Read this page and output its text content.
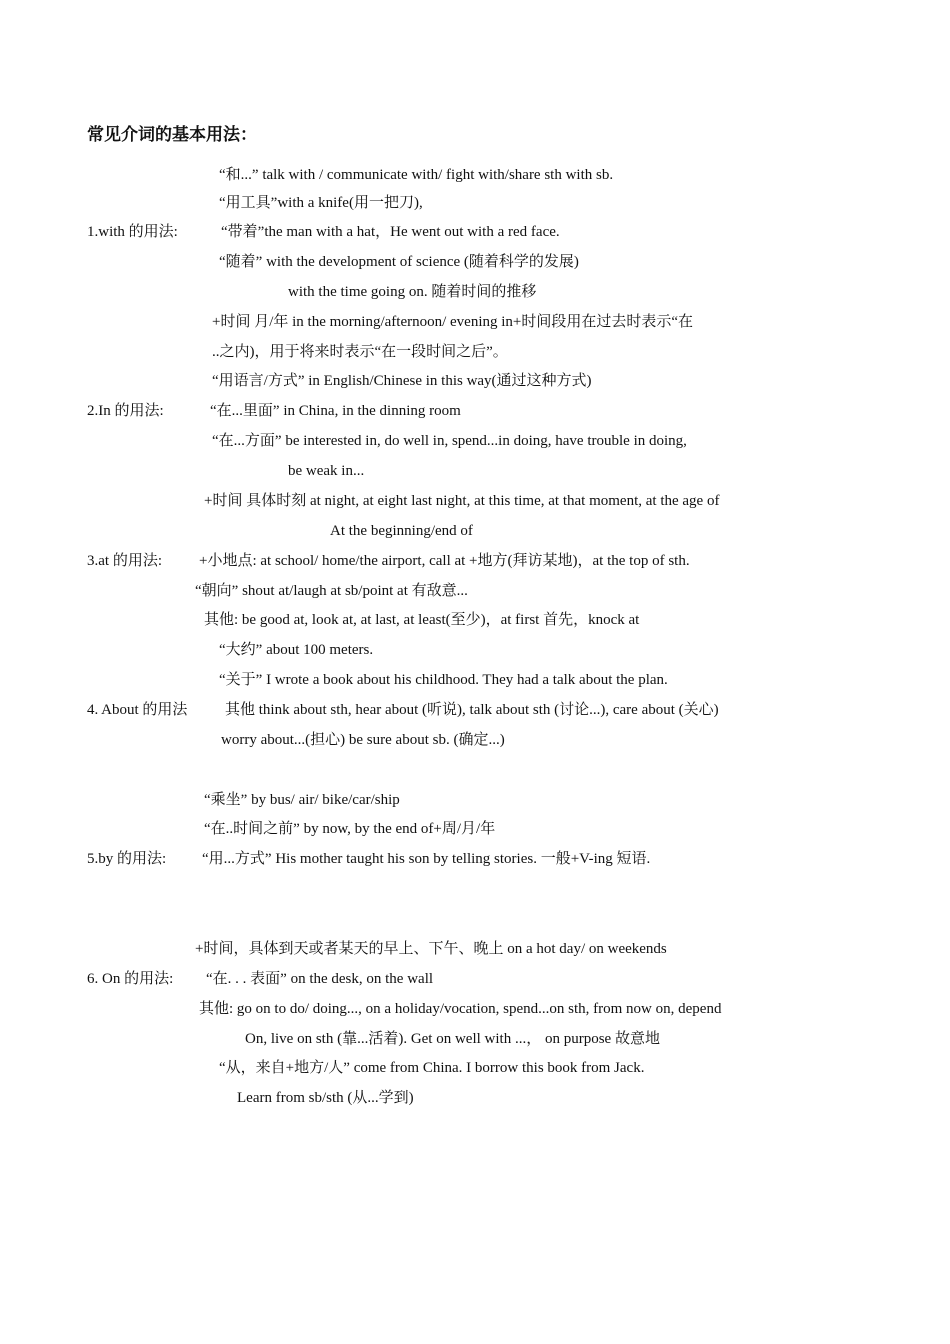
常见介词的基本用法：
“和...” talk with / communicate with/ fight with/share sth with sb.
“用工具”with a knife(用一把刀),
1.with 的用法:	“带着”the man with a hat，He went out with a red face.
“随着” with the development of science (随着科学的发展)
with the time going on. 随着时间的推移
+时间 月/年 in the morning/afternoon/ evening in+时间段用在过去时表示“在
..之内)，用于将来时表示“在一段时间之后”。
“用语言/方式” in English/Chinese in this way(通过这种方式)
2.In 的用法:	“在...里面” in China, in the dinning room
“在...方面” be interested in, do well in, spend...in doing, have trouble in doing,
be weak in...
+时间 具体时刻 at night, at eight last night, at this time, at that moment, at the age of
At the beginning/end of
3.at 的用法: +小地点: at school/ home/the airport, call at +地方(拜访某地)，at the top of sth.
“朝向” shout at/laugh at sb/point at 有敌意...
其他: be good at, look at, at last, at least(至少)，at first 首先，knock at
“大约” about 100 meters.
“关于” I wrote a book about his childhood. They had a talk about the plan.
4. About 的用法	其他 think about sth, hear about (听说), talk about sth (讨论...), care about (关心)
worry about...(担心) be sure about sb. (确定...)
“乘坐” by bus/ air/ bike/car/ship
“在..时间之前” by now, by the end of+周/月/年
5.by 的用法: “用...方式” His mother taught his son by telling stories. 一般+V-ing 短语.
+时间，具体到天或者某天的早上、下午、晚上 on a hot day/ on weekends
6. On 的用法: “在. . . 表面” on the desk, on the wall
其他: go on to do/ doing..., on a holiday/vocation, spend...on sth, from now on, depend
On, live on sth (靠...活着). Get on well with ...， on purpose 故意地
“从，来自+地方/人” come from China. I borrow this book from Jack.
Learn from sb/sth (从...学到)
